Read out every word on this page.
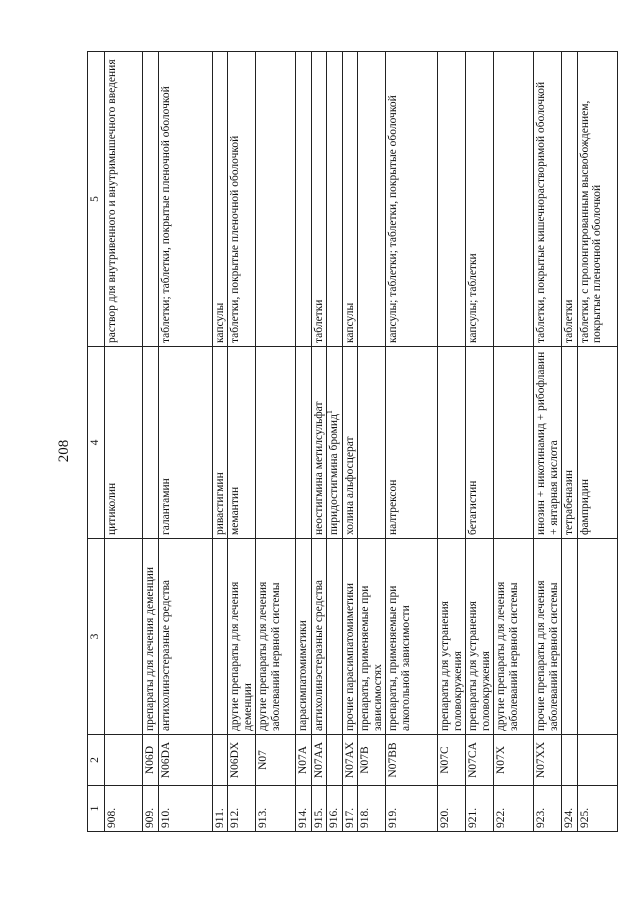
208
1	2	3	4	5
908.			цитиколин	раствор для внутривенного и внутримышечного введения
909.	N06D	препараты для лечения деменции		
910.	N06DA	антихолинэстеразные средства	галантамин	таблетки; таблетки, покрытые пленочной оболочкой
911.			ривастигмин	капсулы
912.	N06DX	другие препараты для лечения деменции	мемантин	таблетки, покрытые пленочной оболочкой
913.	N07	другие препараты для лечения заболеваний нервной системы		
914.	N07A	парасимпатомиметики		
915.	N07AA	антихолинэстеразные средства	неостигмина метилсульфат	таблетки
916.			пиридостигмина бромид$^1$	
917.	N07AX	прочие парасимпатомиметики	холина альфосцерат	капсулы
918.	N07B	препараты, применяемые при зависимостях		
919.	N07BB	препараты, применяемые при алкогольной зависимости	налтрексон	капсулы; таблетки; таблетки, покрытые оболочкой
920.	N07C	препараты для устранения головокружения		
921.	N07CA	препараты для устранения головокружения	бетагистин	капсулы; таблетки
922.	N07X	другие препараты для лечения заболеваний нервной системы		
923.	N07XX	прочие препараты для лечения заболеваний нервной системы	инозин + никотинамид + рибофлавин + янтарная кислота	таблетки, покрытые кишечнорастворимой оболочкой
924.			тетрабеназин	таблетки
925.			фампридин	таблетки, с пролонгированным высвобождением, покрытые пленочной оболочкой
